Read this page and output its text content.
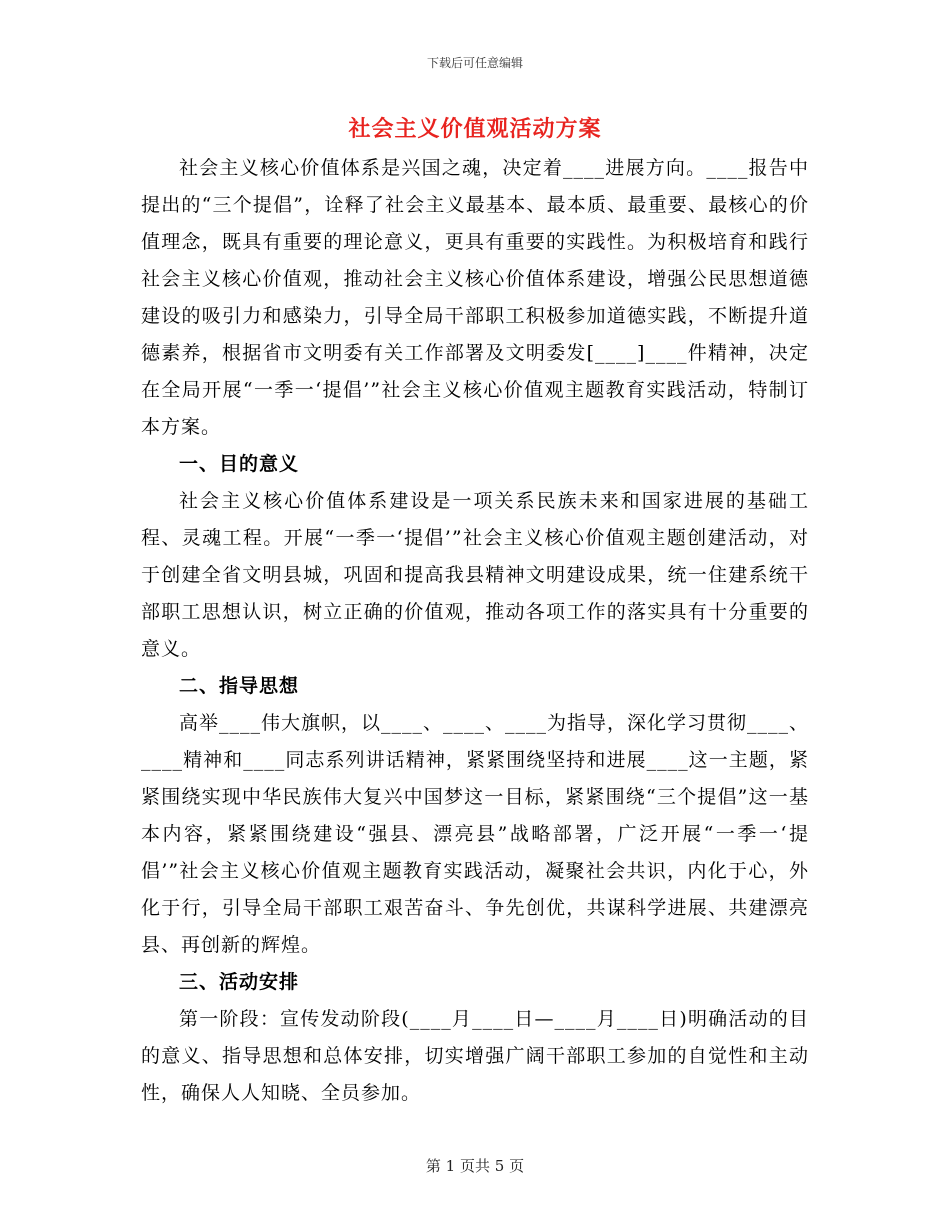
下载后可任意编辑
社会主义价值观活动方案

社会主义核心价值体系是兴国之魂，决定着____进展方向。____报告中提出的“三个提倡”，诠释了社会主义最基本、最本质、最重要、最核心的价值理念，既具有重要的理论意义，更具有重要的实践性。为积极培育和践行社会主义核心价值观，推动社会主义核心价值体系建设，增强公民思想道德建设的吸引力和感染力，引导全局干部职工积极参加道德实践，不断提升道德素养，根据省市文明委有关工作部署及文明委发[____]____件精神，决定在全局开展“一季一‘提倡’”社会主义核心价值观主题教育实践活动，特制订本方案。

一、目的意义

社会主义核心价值体系建设是一项关系民族未来和国家进展的基础工程、灵魂工程。开展“一季一‘提倡’”社会主义核心价值观主题创建活动，对于创建全省文明县城，巩固和提高我县精神文明建设成果，统一住建系统干部职工思想认识，树立正确的价值观，推动各项工作的落实具有十分重要的意义。

二、指导思想

高举____伟大旗帜，以____、____、____为指导，深化学习贯彻____、____精神和____同志系列讲话精神，紧紧围绕坚持和进展____这一主题，紧紧围绕实现中华民族伟大复兴中国梦这一目标，紧紧围绕“三个提倡”这一基本内容，紧紧围绕建设“强县、漂亮县”战略部署，广泛开展“一季一‘提倡’”社会主义核心价值观主题教育实践活动，凝聚社会共识，内化于心，外化于行，引导全局干部职工艰苦奋斗、争先创优，共谋科学进展、共建漂亮县、再创新的辉煌。

三、活动安排

第一阶段：宣传发动阶段(____月____日—____月____日)明确活动的目的意义、指导思想和总体安排，切实增强广阔干部职工参加的自觉性和主动性，确保人人知晓、全员参加。

第 1 页共 5 页
